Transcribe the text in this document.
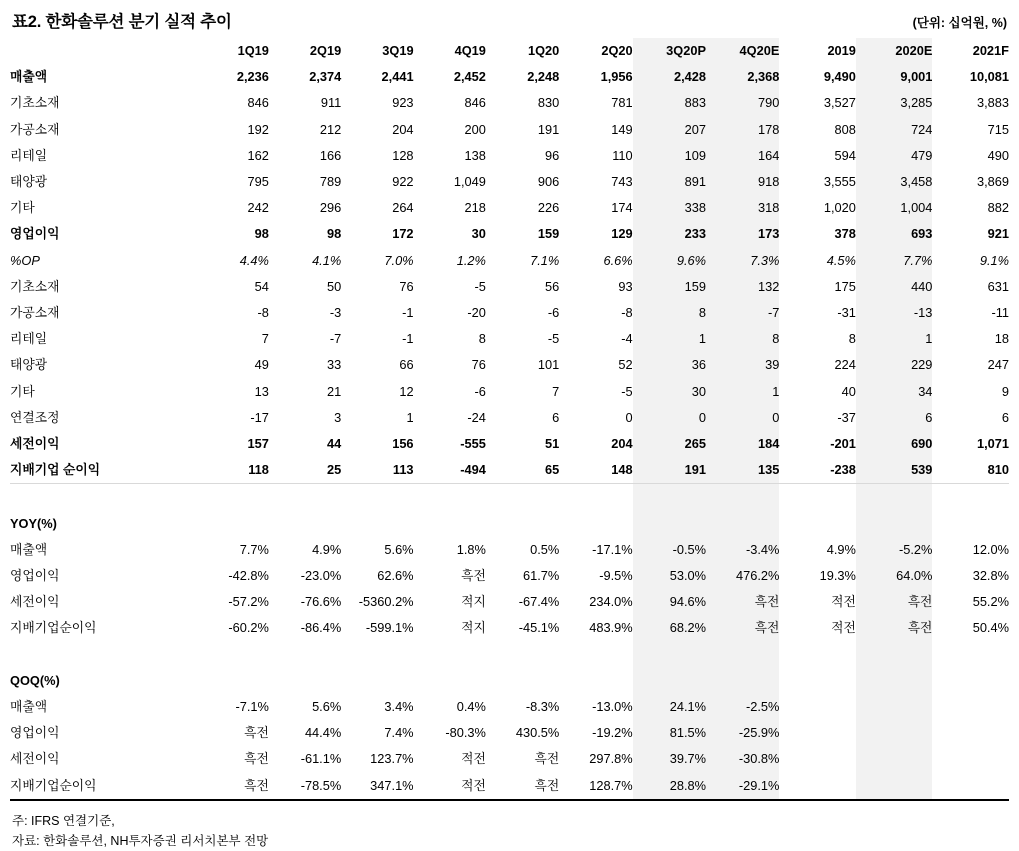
표2. 한화솔루션 분기 실적 추이	(단위: 십억원, %)
	1Q19	2Q19	3Q19	4Q19	1Q20	2Q20	3Q20P	4Q20E	2019	2020E	2021F
매출액	2,236	2,374	2,441	2,452	2,248	1,956	2,428	2,368	9,490	9,001	10,081
기초소재	846	911	923	846	830	781	883	790	3,527	3,285	3,883
가공소재	192	212	204	200	191	149	207	178	808	724	715
리테일	162	166	128	138	96	110	109	164	594	479	490
태양광	795	789	922	1,049	906	743	891	918	3,555	3,458	3,869
기타	242	296	264	218	226	174	338	318	1,020	1,004	882
영업이익	98	98	172	30	159	129	233	173	378	693	921
%OP	4.4%	4.1%	7.0%	1.2%	7.1%	6.6%	9.6%	7.3%	4.5%	7.7%	9.1%
기초소재	54	50	76	-5	56	93	159	132	175	440	631
가공소재	-8	-3	-1	-20	-6	-8	8	-7	-31	-13	-11
리테일	7	-7	-1	8	-5	-4	1	8	8	1	18
태양광	49	33	66	76	101	52	36	39	224	229	247
기타	13	21	12	-6	7	-5	30	1	40	34	9
연결조정	-17	3	1	-24	6	0	0	0	-37	6	6
세전이익	157	44	156	-555	51	204	265	184	-201	690	1,071
지배기업 순이익	118	25	113	-494	65	148	191	135	-238	539	810

YOY(%)											
매출액	7.7%	4.9%	5.6%	1.8%	0.5%	-17.1%	-0.5%	-3.4%	4.9%	-5.2%	12.0%
영업이익	-42.8%	-23.0%	62.6%	흑전	61.7%	-9.5%	53.0%	476.2%	19.3%	64.0%	32.8%
세전이익	-57.2%	-76.6%	-5360.2%	적지	-67.4%	234.0%	94.6%	흑전	적전	흑전	55.2%
지배기업순이익	-60.2%	-86.4%	-599.1%	적지	-45.1%	483.9%	68.2%	흑전	적전	흑전	50.4%

QOQ(%)											
매출액	-7.1%	5.6%	3.4%	0.4%	-8.3%	-13.0%	24.1%	-2.5%			
영업이익	흑전	44.4%	7.4%	-80.3%	430.5%	-19.2%	81.5%	-25.9%			
세전이익	흑전	-61.1%	123.7%	적전	흑전	297.8%	39.7%	-30.8%			
지배기업순이익	흑전	-78.5%	347.1%	적전	흑전	128.7%	28.8%	-29.1%			
주: IFRS 연결기준,
자료: 한화솔루션, NH투자증권 리서치본부 전망
